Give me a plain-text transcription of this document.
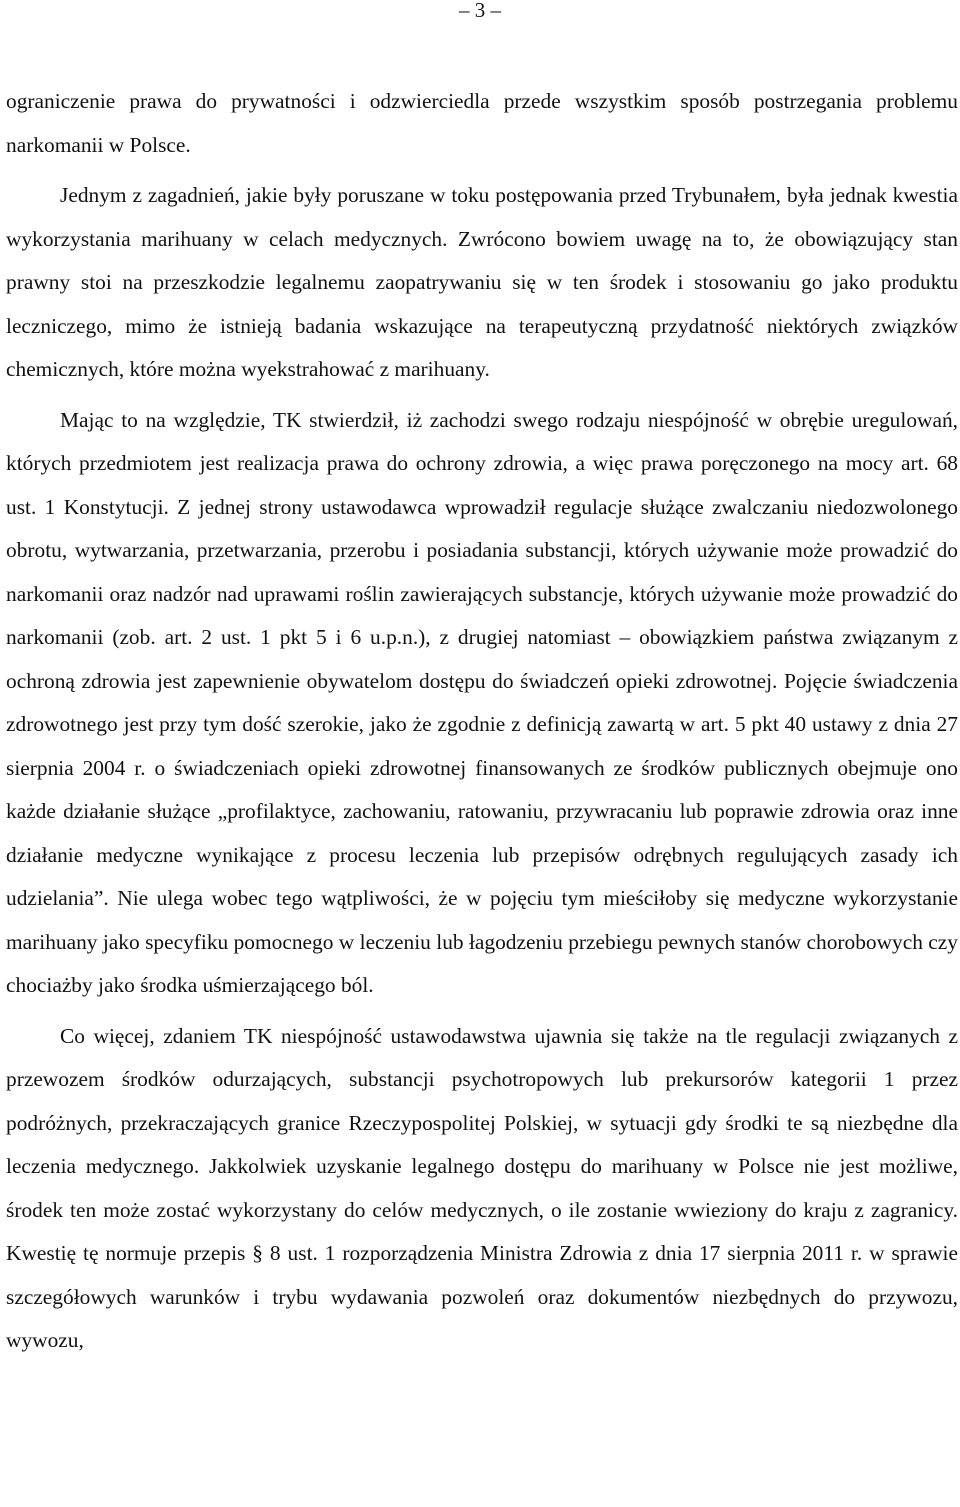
– 3 –

ograniczenie prawa do prywatności i odzwierciedla przede wszystkim sposób postrzegania problemu narkomanii w Polsce.

Jednym z zagadnień, jakie były poruszane w toku postępowania przed Trybunałem, była jednak kwestia wykorzystania marihuany w celach medycznych. Zwrócono bowiem uwagę na to, że obowiązujący stan prawny stoi na przeszkodzie legalnemu zaopatrywaniu się w ten środek i stosowaniu go jako produktu leczniczego, mimo że istnieją badania wskazujące na terapeutyczną przydatność niektórych związków chemicznych, które można wyekstrahować z marihuany.

Mając to na względzie, TK stwierdził, iż zachodzi swego rodzaju niespójność w obrębie uregulowań, których przedmiotem jest realizacja prawa do ochrony zdrowia, a więc prawa poręczonego na mocy art. 68 ust. 1 Konstytucji. Z jednej strony ustawodawca wprowadził regulacje służące zwalczaniu niedozwolonego obrotu, wytwarzania, przetwarzania, przerobu i posiadania substancji, których używanie może prowadzić do narkomanii oraz nadzór nad uprawami roślin zawierających substancje, których używanie może prowadzić do narkomanii (zob. art. 2 ust. 1 pkt 5 i 6 u.p.n.), z drugiej natomiast – obowiązkiem państwa związanym z ochroną zdrowia jest zapewnienie obywatelom dostępu do świadczeń opieki zdrowotnej. Pojęcie świadczenia zdrowotnego jest przy tym dość szerokie, jako że zgodnie z definicją zawartą w art. 5 pkt 40 ustawy z dnia 27 sierpnia 2004 r. o świadczeniach opieki zdrowotnej finansowanych ze środków publicznych obejmuje ono każde działanie służące „profilaktyce, zachowaniu, ratowaniu, przywracaniu lub poprawie zdrowia oraz inne działanie medyczne wynikające z procesu leczenia lub przepisów odrębnych regulujących zasady ich udzielania”. Nie ulega wobec tego wątpliwości, że w pojęciu tym mieściłoby się medyczne wykorzystanie marihuany jako specyfiku pomocnego w leczeniu lub łagodzeniu przebiegu pewnych stanów chorobowych czy chociażby jako środka uśmierzającego ból.

Co więcej, zdaniem TK niespójność ustawodawstwa ujawnia się także na tle regulacji związanych z przewozem środków odurzających, substancji psychotropowych lub prekursorów kategorii 1 przez podróżnych, przekraczających granice Rzeczypospolitej Polskiej, w sytuacji gdy środki te są niezbędne dla leczenia medycznego. Jakkolwiek uzyskanie legalnego dostępu do marihuany w Polsce nie jest możliwe, środek ten może zostać wykorzystany do celów medycznych, o ile zostanie wwieziony do kraju z zagranicy. Kwestię tę normuje przepis § 8 ust. 1 rozporządzenia Ministra Zdrowia z dnia 17 sierpnia 2011 r. w sprawie szczegółowych warunków i trybu wydawania pozwoleń oraz dokumentów niezbędnych do przywozu, wywozu,
